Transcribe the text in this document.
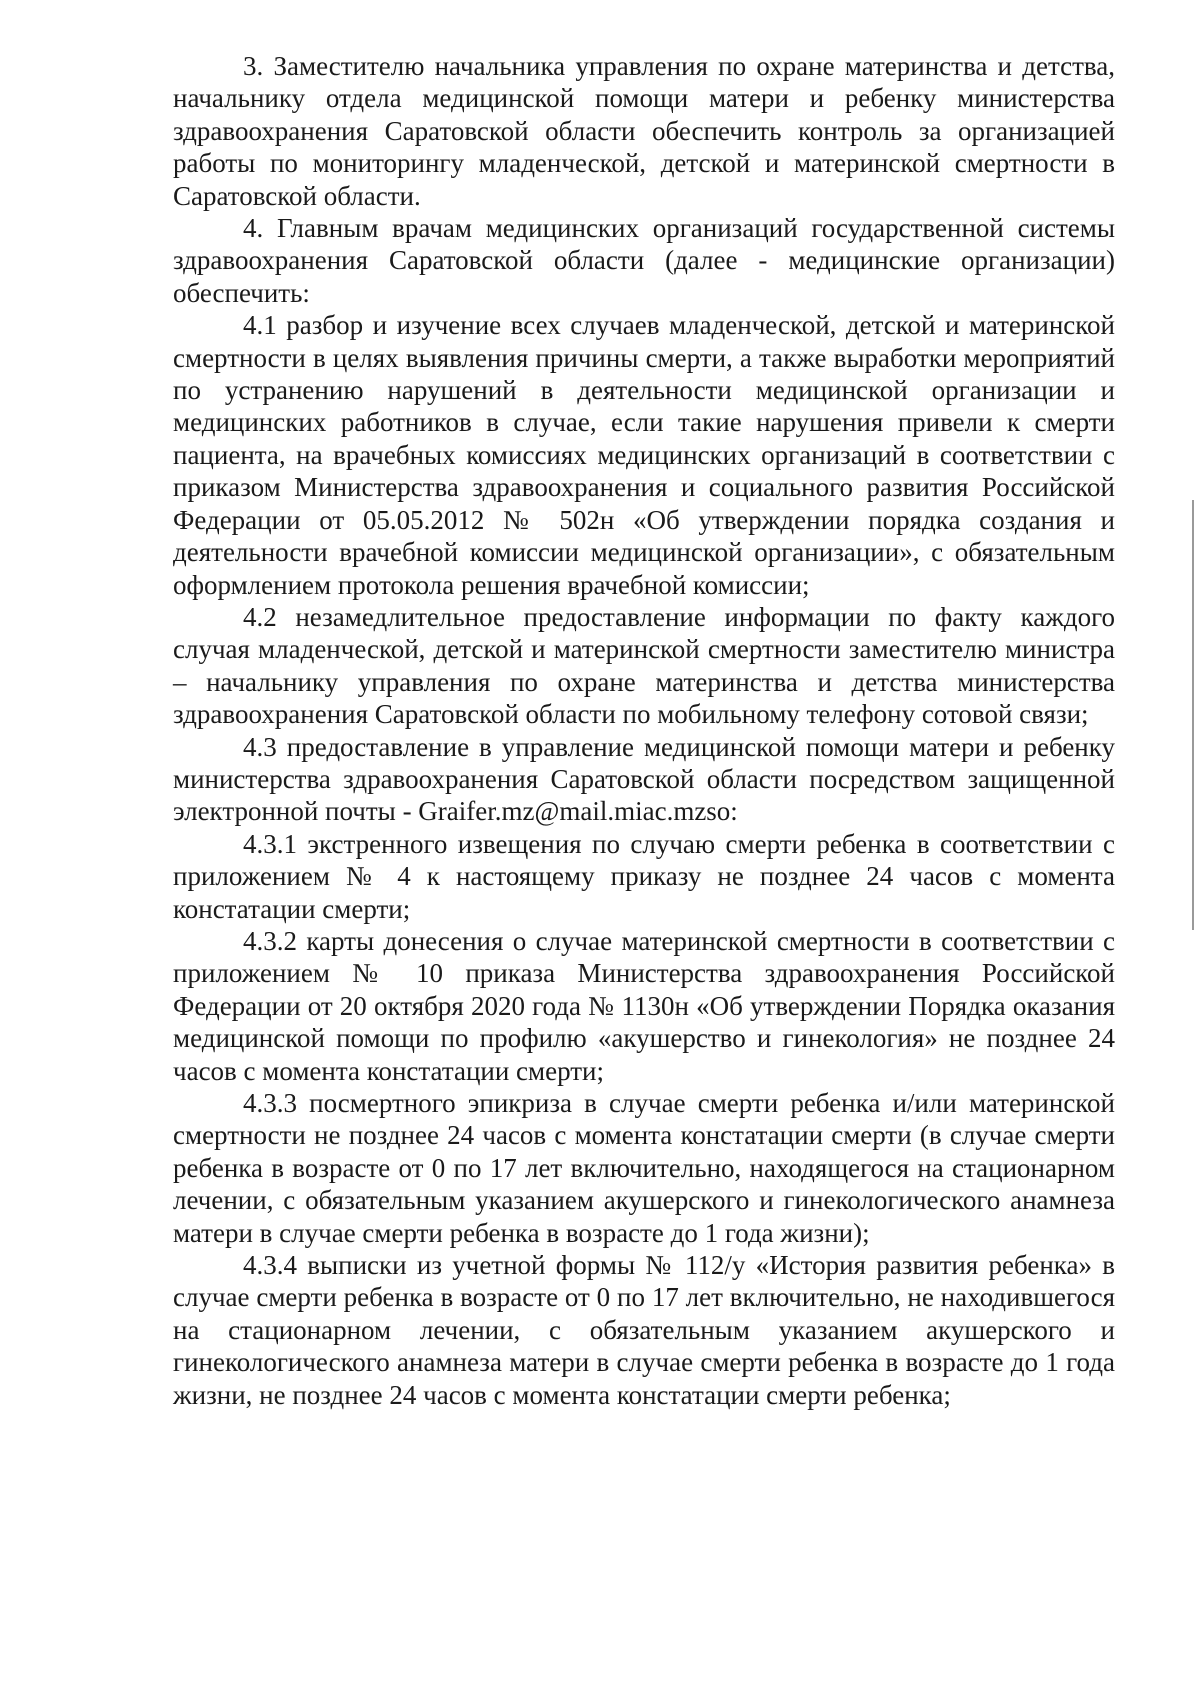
3. Заместителю начальника управления по охране материнства и детства, начальнику отдела медицинской помощи матери и ребенку министерства здравоохранения Саратовской области обеспечить контроль за организацией работы по мониторингу младенческой, детской и материнской смертности в Саратовской области.

4. Главным врачам медицинских организаций государственной системы здравоохранения Саратовской области (далее - медицинские организации) обеспечить:

4.1 разбор и изучение всех случаев младенческой, детской и материнской смертности в целях выявления причины смерти, а также выработки мероприятий по устранению нарушений в деятельности медицинской организации и медицинских работников в случае, если такие нарушения привели к смерти пациента, на врачебных комиссиях медицинских организаций в соответствии с приказом Министерства здравоохранения и социального развития Российской Федерации от 05.05.2012 № 502н «Об утверждении порядка создания и деятельности врачебной комиссии медицинской организации», с обязательным оформлением протокола решения врачебной комиссии;

4.2 незамедлительное предоставление информации по факту каждого случая младенческой, детской и материнской смертности заместителю министра – начальнику управления по охране материнства и детства министерства здравоохранения Саратовской области по мобильному телефону сотовой связи;

4.3 предоставление в управление медицинской помощи матери и ребенку министерства здравоохранения Саратовской области посредством защищенной электронной почты - Graifer.mz@mail.miac.mzso:

4.3.1 экстренного извещения по случаю смерти ребенка в соответствии с приложением № 4 к настоящему приказу не позднее 24 часов с момента констатации смерти;

4.3.2 карты донесения о случае материнской смертности в соответствии с приложением № 10 приказа Министерства здравоохранения Российской Федерации от 20 октября 2020 года № 1130н «Об утверждении Порядка оказания медицинской помощи по профилю «акушерство и гинекология» не позднее 24 часов с момента констатации смерти;

4.3.3 посмертного эпикриза в случае смерти ребенка и/или материнской смертности не позднее 24 часов с момента констатации смерти (в случае смерти ребенка в возрасте от 0 по 17 лет включительно, находящегося на стационарном лечении, с обязательным указанием акушерского и гинекологического анамнеза матери в случае смерти ребенка в возрасте до 1 года жизни);

4.3.4 выписки из учетной формы № 112/у «История развития ребенка» в случае смерти ребенка в возрасте от 0 по 17 лет включительно, не находившегося на стационарном лечении, с обязательным указанием акушерского и гинекологического анамнеза матери в случае смерти ребенка в возрасте до 1 года жизни, не позднее 24 часов с момента констатации смерти ребенка;
